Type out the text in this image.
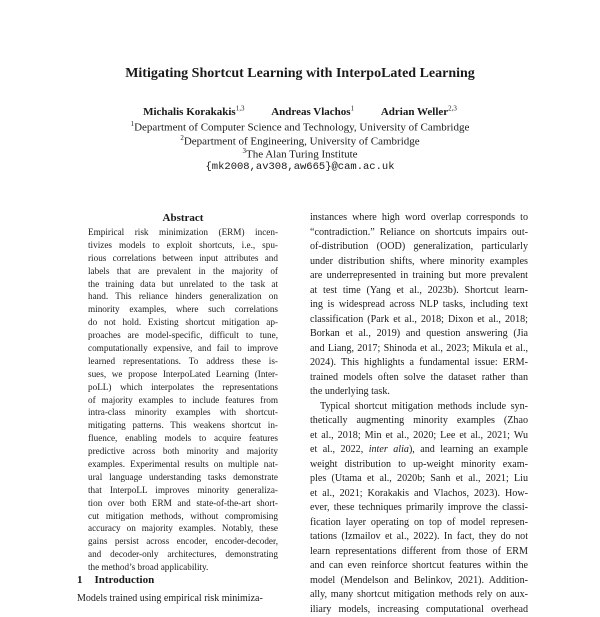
Mitigating Shortcut Learning with InterpoLated Learning
Michalis Korakakis$^{1,3}$ Andreas Vlachos$^1$ Adrian Weller$^{2,3}$
$^1$Department of Computer Science and Technology, University of Cambridge
$^2$Department of Engineering, University of Cambridge
$^3$The Alan Turing Institute
{mk2008,av308,aw665}@cam.ac.uk
Abstract
Empirical risk minimization (ERM) incen-
tivizes models to exploit shortcuts, i.e., spu-
rious correlations between input attributes and
labels that are prevalent in the majority of
the training data but unrelated to the task at
hand. This reliance hinders generalization on
minority examples, where such correlations
do not hold. Existing shortcut mitigation ap-
proaches are model-specific, difficult to tune,
computationally expensive, and fail to improve
learned representations. To address these is-
sues, we propose InterpoLated Learning (Inter-
poLL) which interpolates the representations
of majority examples to include features from
intra-class minority examples with shortcut-
mitigating patterns. This weakens shortcut in-
fluence, enabling models to acquire features
predictive across both minority and majority
examples. Experimental results on multiple nat-
ural language understanding tasks demonstrate
that InterpoLL improves minority generaliza-
tion over both ERM and state-of-the-art short-
cut mitigation methods, without compromising
accuracy on majority examples. Notably, these
gains persist across encoder, encoder-decoder,
and decoder-only architectures, demonstrating
the method’s broad applicability.
1 Introduction
Models trained using empirical risk minimiza-
instances where high word overlap corresponds to
“contradiction.” Reliance on shortcuts impairs out-
of-distribution (OOD) generalization, particularly
under distribution shifts, where minority examples
are underrepresented in training but more prevalent
at test time (Yang et al., 2023b). Shortcut learn-
ing is widespread across NLP tasks, including text
classification (Park et al., 2018; Dixon et al., 2018;
Borkan et al., 2019) and question answering (Jia
and Liang, 2017; Shinoda et al., 2023; Mikula et al.,
2024). This highlights a fundamental issue: ERM-
trained models often solve the dataset rather than
the underlying task.
Typical shortcut mitigation methods include syn-
thetically augmenting minority examples (Zhao
et al., 2018; Min et al., 2020; Lee et al., 2021; Wu
et al., 2022, inter alia), and learning an example
weight distribution to up-weight minority exam-
ples (Utama et al., 2020b; Sanh et al., 2021; Liu
et al., 2021; Korakakis and Vlachos, 2023). How-
ever, these techniques primarily improve the classi-
fication layer operating on top of model represen-
tations (Izmailov et al., 2022). In fact, they do not
learn representations different from those of ERM
and can even reinforce shortcut features within the
model (Mendelson and Belinkov, 2021). Addition-
ally, many shortcut mitigation methods rely on aux-
iliary models, increasing computational overhead
